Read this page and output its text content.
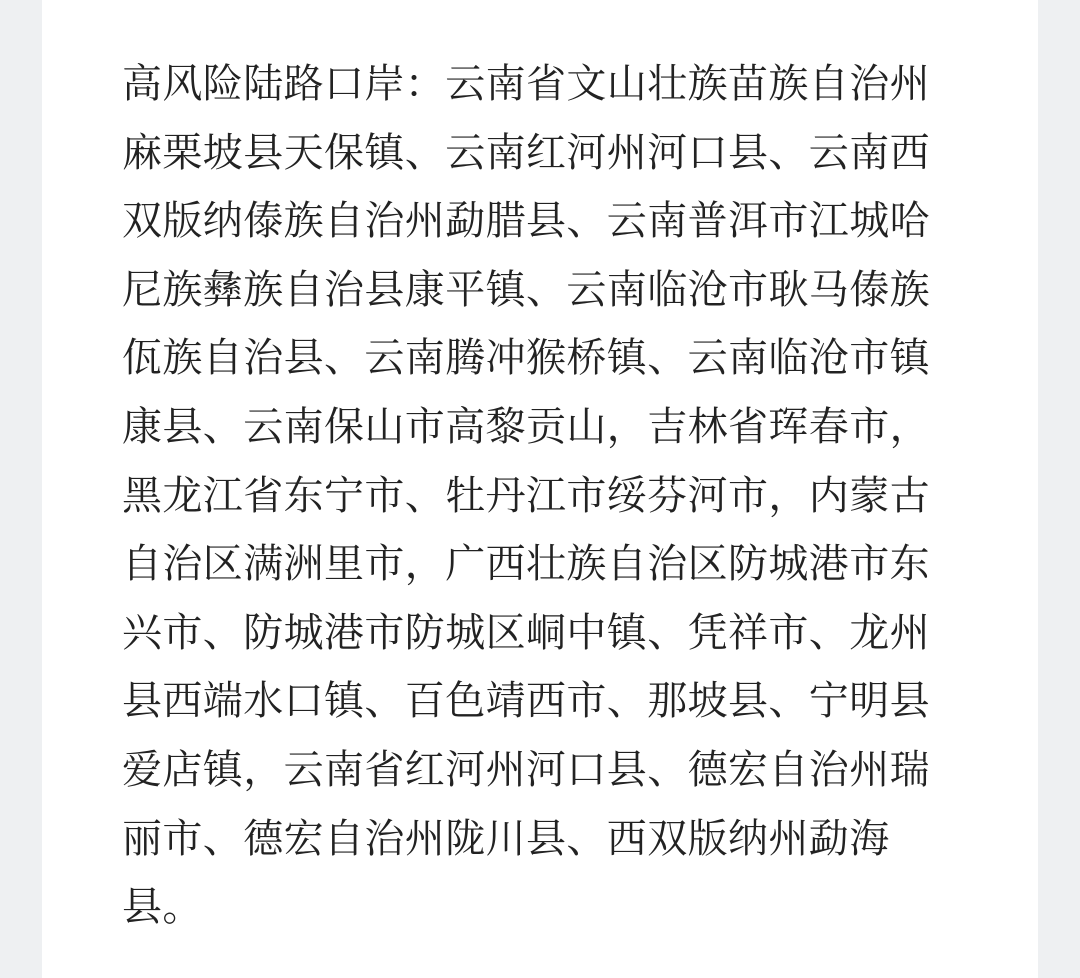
高风险陆路口岸：云南省文山壮族苗族自治州
麻栗坡县天保镇、云南红河州河口县、云南西
双版纳傣族自治州勐腊县、云南普洱市江城哈
尼族彝族自治县康平镇、云南临沧市耿马傣族
佤族自治县、云南腾冲猴桥镇、云南临沧市镇
康县、云南保山市高黎贡山，吉林省珲春市，
黑龙江省东宁市、牡丹江市绥芬河市，内蒙古
自治区满洲里市，广西壮族自治区防城港市东
兴市、防城港市防城区峒中镇、凭祥市、龙州
县西端水口镇、百色靖西市、那坡县、宁明县
爱店镇，云南省红河州河口县、德宏自治州瑞
丽市、德宏自治州陇川县、西双版纳州勐海
县。
